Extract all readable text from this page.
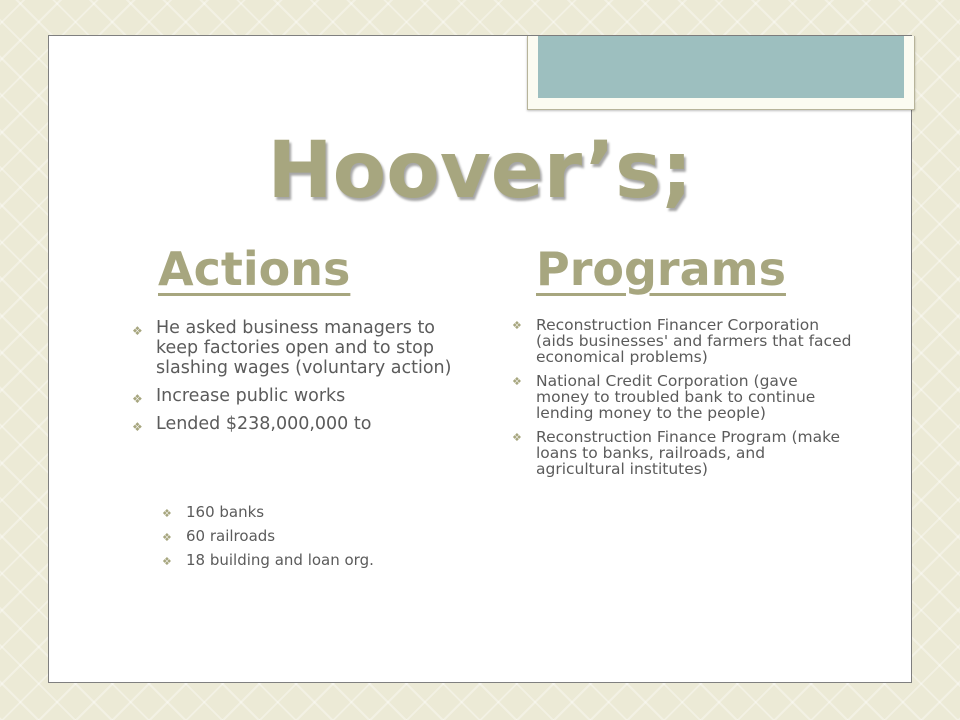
Hoover’s;
Actions	Programs
❖ He asked business managers to keep factories open and to stop slashing wages (voluntary action)
❖ Increase public works
❖ Lended $238,000,000 to
❖ 160 banks
❖ 60 railroads
❖ 18 building and loan org.
❖ Reconstruction Financer Corporation (aids businesses' and farmers that faced economical problems)
❖ National Credit Corporation (gave money to troubled bank to continue lending money to the people)
❖ Reconstruction Finance Program (make loans to banks, railroads, and agricultural institutes)
